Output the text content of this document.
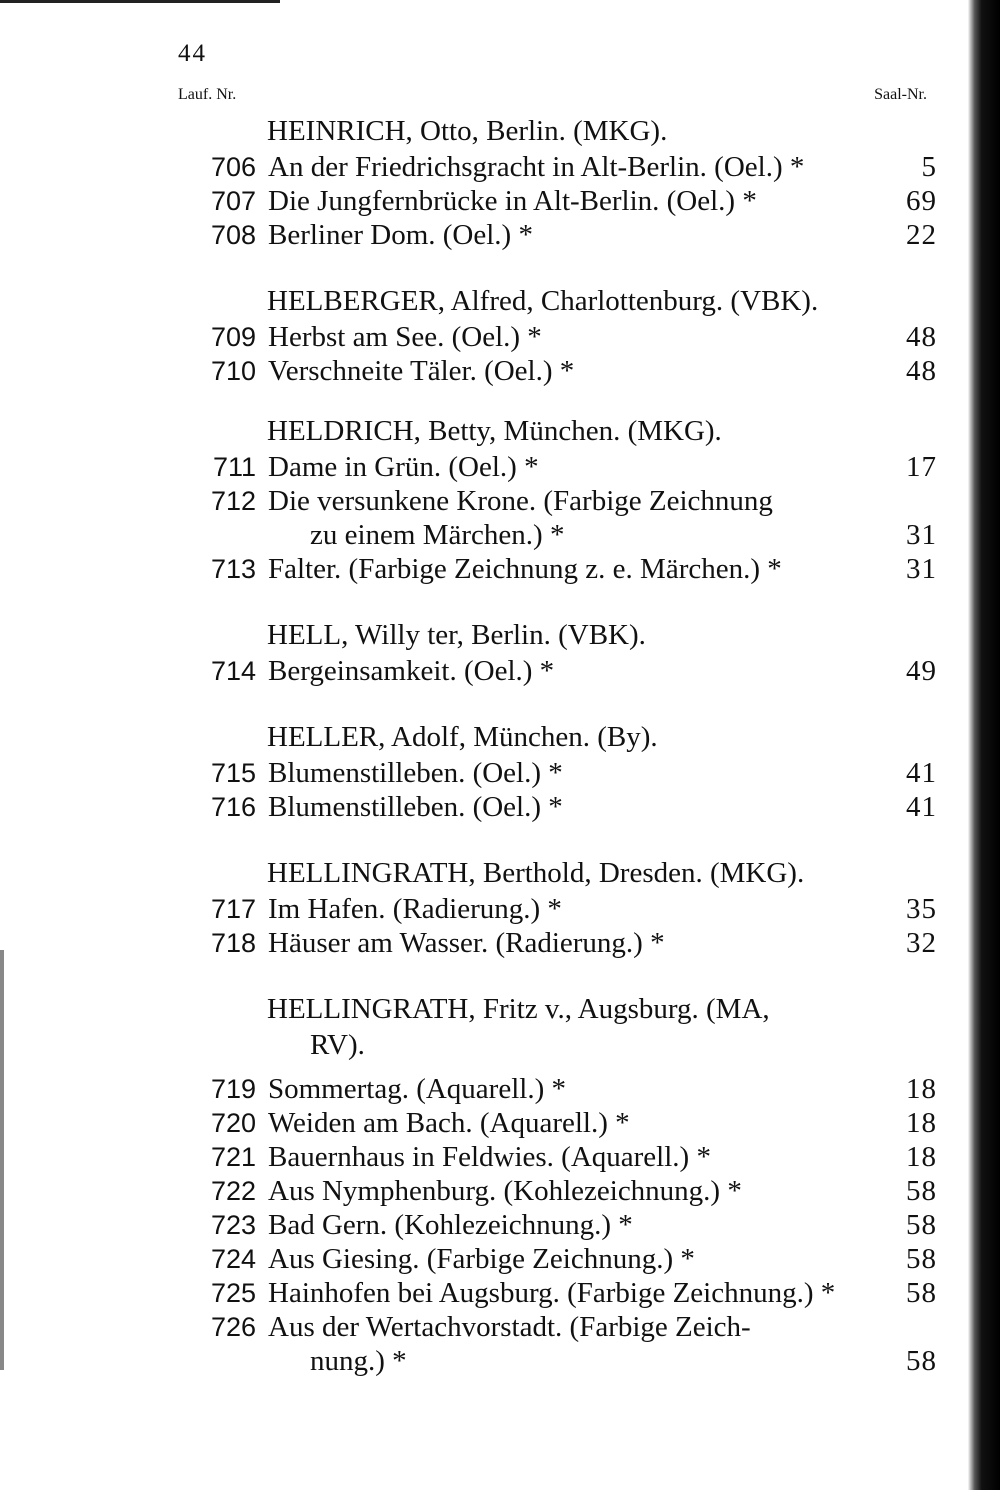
44
Lauf. Nr.	Saal-Nr.
HEINRICH, Otto, Berlin. (MKG).
706 An der Friedrichsgracht in Alt-Berlin. (Oel.) *	5
707 Die Jungfernbrücke in Alt-Berlin. (Oel.) *	69
708 Berliner Dom. (Oel.) *	22
HELBERGER, Alfred, Charlottenburg. (VBK).
709 Herbst am See. (Oel.) *	48
710 Verschneite Täler. (Oel.) *	48
HELDRICH, Betty, München. (MKG).
711 Dame in Grün. (Oel.) *	17
712 Die versunkene Krone. (Farbige Zeichnung
zu einem Märchen.) *	31
713 Falter. (Farbige Zeichnung z. e. Märchen.) *	31
HELL, Willy ter, Berlin. (VBK).
714 Bergeinsamkeit. (Oel.) *	49
HELLER, Adolf, München. (By).
715 Blumenstilleben. (Oel.) *	41
716 Blumenstilleben. (Oel.) *	41
HELLINGRATH, Berthold, Dresden. (MKG).
717 Im Hafen. (Radierung.) *	35
718 Häuser am Wasser. (Radierung.) *	32
HELLINGRATH, Fritz v., Augsburg. (MA,
RV).
719 Sommertag. (Aquarell.) *	18
720 Weiden am Bach. (Aquarell.) *	18
721 Bauernhaus in Feldwies. (Aquarell.) *	18
722 Aus Nymphenburg. (Kohlezeichnung.) *	58
723 Bad Gern. (Kohlezeichnung.) *	58
724 Aus Giesing. (Farbige Zeichnung.) *	58
725 Hainhofen bei Augsburg. (Farbige Zeichnung.) *	58
726 Aus der Wertachvorstadt. (Farbige Zeich-
nung.) *	58
